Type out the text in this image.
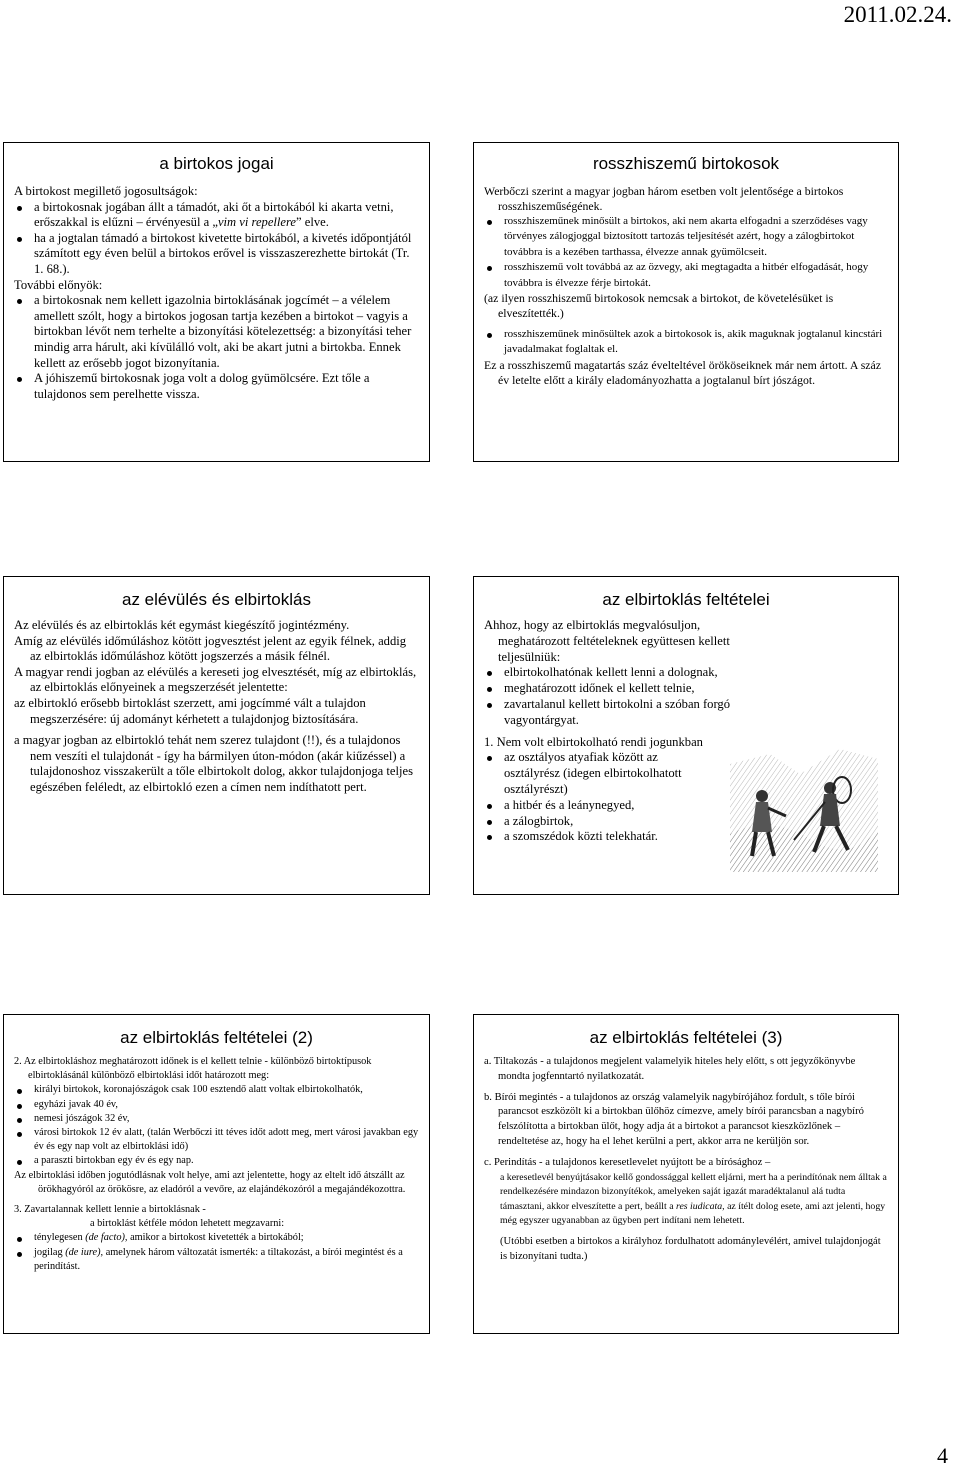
2011.02.24.
a birtokos jogai

A birtokost megillető jogosultságok:

a birtokosnak jogában állt a támadót, aki őt a birtokából ki akarta vetni, erőszakkal is elűzni – érvényesül a „vim vi repellere” elve.
ha a jogtalan támadó a birtokost kivetette birtokából, a kivetés időpontjától számított egy éven belül a birtokos erővel is visszaszerezhette birtokát (Tr. 1. 68.).

További előnyök:

a birtokosnak nem kellett igazolnia birtoklásának jogcímét – a vélelem amellett szólt, hogy a birtokos jogosan tartja kezében a birtokot – vagyis a birtokban lévőt nem terhelte a bizonyítási kötelezettség: a bizonyítási teher mindig arra hárult, aki kívülálló volt, aki be akart jutni a birtokba. Ennek kellett az erősebb jogot bizonyítania.
A jóhiszemű birtokosnak joga volt a dolog gyümölcsére. Ezt tőle a tulajdonos sem perelhette vissza.
rosszhiszemű birtokosok

Werbőczi szerint a magyar jogban három esetben volt jelentősége a birtokos rosszhiszeműségének.

rosszhiszeműnek minősült a birtokos, aki nem akarta elfogadni a szerződéses vagy törvényes zálogjoggal biztosított tartozás teljesítését azért, hogy a zálogbirtokot továbbra is a kezében tarthassa, élvezze annak gyümölcseit.
rosszhiszemű volt továbbá az az özvegy, aki megtagadta a hitbér elfogadását, hogy továbbra is élvezze férje birtokát.

(az ilyen rosszhiszemű birtokosok nemcsak a birtokot, de követelésüket is elveszítették.)

rosszhiszeműnek minősültek azok a birtokosok is, akik maguknak jogtalanul kincstári javadalmakat foglaltak el.

Ez a rosszhiszemű magatartás száz évelteltével örököseiknek már nem ártott. A száz év letelte előtt a király eladományozhatta a jogtalanul bírt jószágot.

az elévülés és elbirtoklás

Az elévülés és az elbirtoklás két egymást kiegészítő jogintézmény.

Amíg az elévülés időmúláshoz kötött jogvesztést jelent az egyik félnek, addig az elbirtoklás időmúláshoz kötött jogszerzés a másik félnél.

A magyar rendi jogban az elévülés a kereseti jog elvesztését, míg az elbirtoklás, az elbirtoklás előnyeinek a megszerzését jelentette:

az elbirtokló erősebb birtoklást szerzett, ami jogcímmé vált a tulajdon megszerzésére: új adományt kérhetett a tulajdonjog biztosítására.

a magyar jogban az elbirtokló tehát nem szerez tulajdont (!!), és a tulajdonos nem veszíti el tulajdonát - így ha bármilyen úton-módon (akár kiűzéssel) a tulajdonoshoz visszakerült a tőle elbirtokolt dolog, akkor tulajdonjoga teljes egészében feléledt, az elbirtokló ezen a címen nem indíthatott pert.

az elbirtoklás feltételei

Ahhoz, hogy az elbirtoklás megvalósuljon, meghatározott feltételeknek együttesen kellett teljesülniük:

elbirtokolhatónak kellett lenni a dolognak,
meghatározott időnek el kellett telnie,
zavartalanul kellett birtokolni a szóban forgó vagyontárgyat.

1. Nem volt elbirtokolható rendi jogunkban

az osztályos atyafiak között az osztályrész (idegen elbirtokolhatott osztályrészt)
a hitbér és a leánynegyed,
a zálogbirtok,
a szomszédok közti telekhatár.
az elbirtoklás feltételei (2)

2. Az elbirtokláshoz meghatározott időnek is el kellett telnie - különböző birtoktípusok elbirtoklásánál különböző elbirtoklási időt határozott meg:

királyi birtokok, koronajószágok csak 100 esztendő alatt voltak elbirtokolhatók,
egyházi javak 40 év,
nemesi jószágok 32 év,
városi birtokok 12 év alatt, (talán Werbőczi itt téves időt adott meg, mert városi javakban egy év és egy nap volt az elbirtoklási idő)
a paraszti birtokban egy év és egy nap.

Az elbirtoklási időben jogutódlásnak volt helye, ami azt jelentette, hogy az eltelt idő átszállt az örökhagyóról az örökösre, az eladóról a vevőre, az elajándékozóról a megajándékozottra.

3. Zavartalannak kellett lennie a birtoklásnak -

a birtoklást kétféle módon lehetett megzavarni:

ténylegesen (de facto), amikor a birtokost kivetették a birtokából;
jogilag (de iure), amelynek három változatát ismerték: a tiltakozást, a bírói megintést és a perindítást.
az elbirtoklás feltételei (3)

a. Tiltakozás - a tulajdonos megjelent valamelyik hiteles hely előtt, s ott jegyzőkönyvbe mondta jogfenntartó nyilatkozatát.

b. Bírói megintés - a tulajdonos az ország valamelyik nagybírójához fordult, s tőle bírói parancsot eszközölt ki a birtokban ülőhöz címezve, amely bírói parancsban a nagybíró felszólította a birtokban ülőt, hogy adja át a birtokot a parancsot kieszközlőnek – rendeltetése az, hogy ha el lehet kerülni a pert, akkor arra ne kerüljön sor.

c. Perindítás - a tulajdonos keresetlevelet nyújtott be a bírósághoz –

a keresetlevél benyújtásakor kellő gondossággal kellett eljárni, mert ha a perindítónak nem álltak a rendelkezésére mindazon bizonyítékok, amelyeken saját igazát maradéktalanul alá tudta támasztani, akkor elveszítette a pert, beállt a res iudicata, az ítélt dolog esete, ami azt jelenti, hogy még egyszer ugyanabban az ügyben pert indítani nem lehetett.

(Utóbbi esetben a birtokos a királyhoz fordulhatott adománylevélért, amivel tulajdonjogát is bizonyítani tudta.)

4
